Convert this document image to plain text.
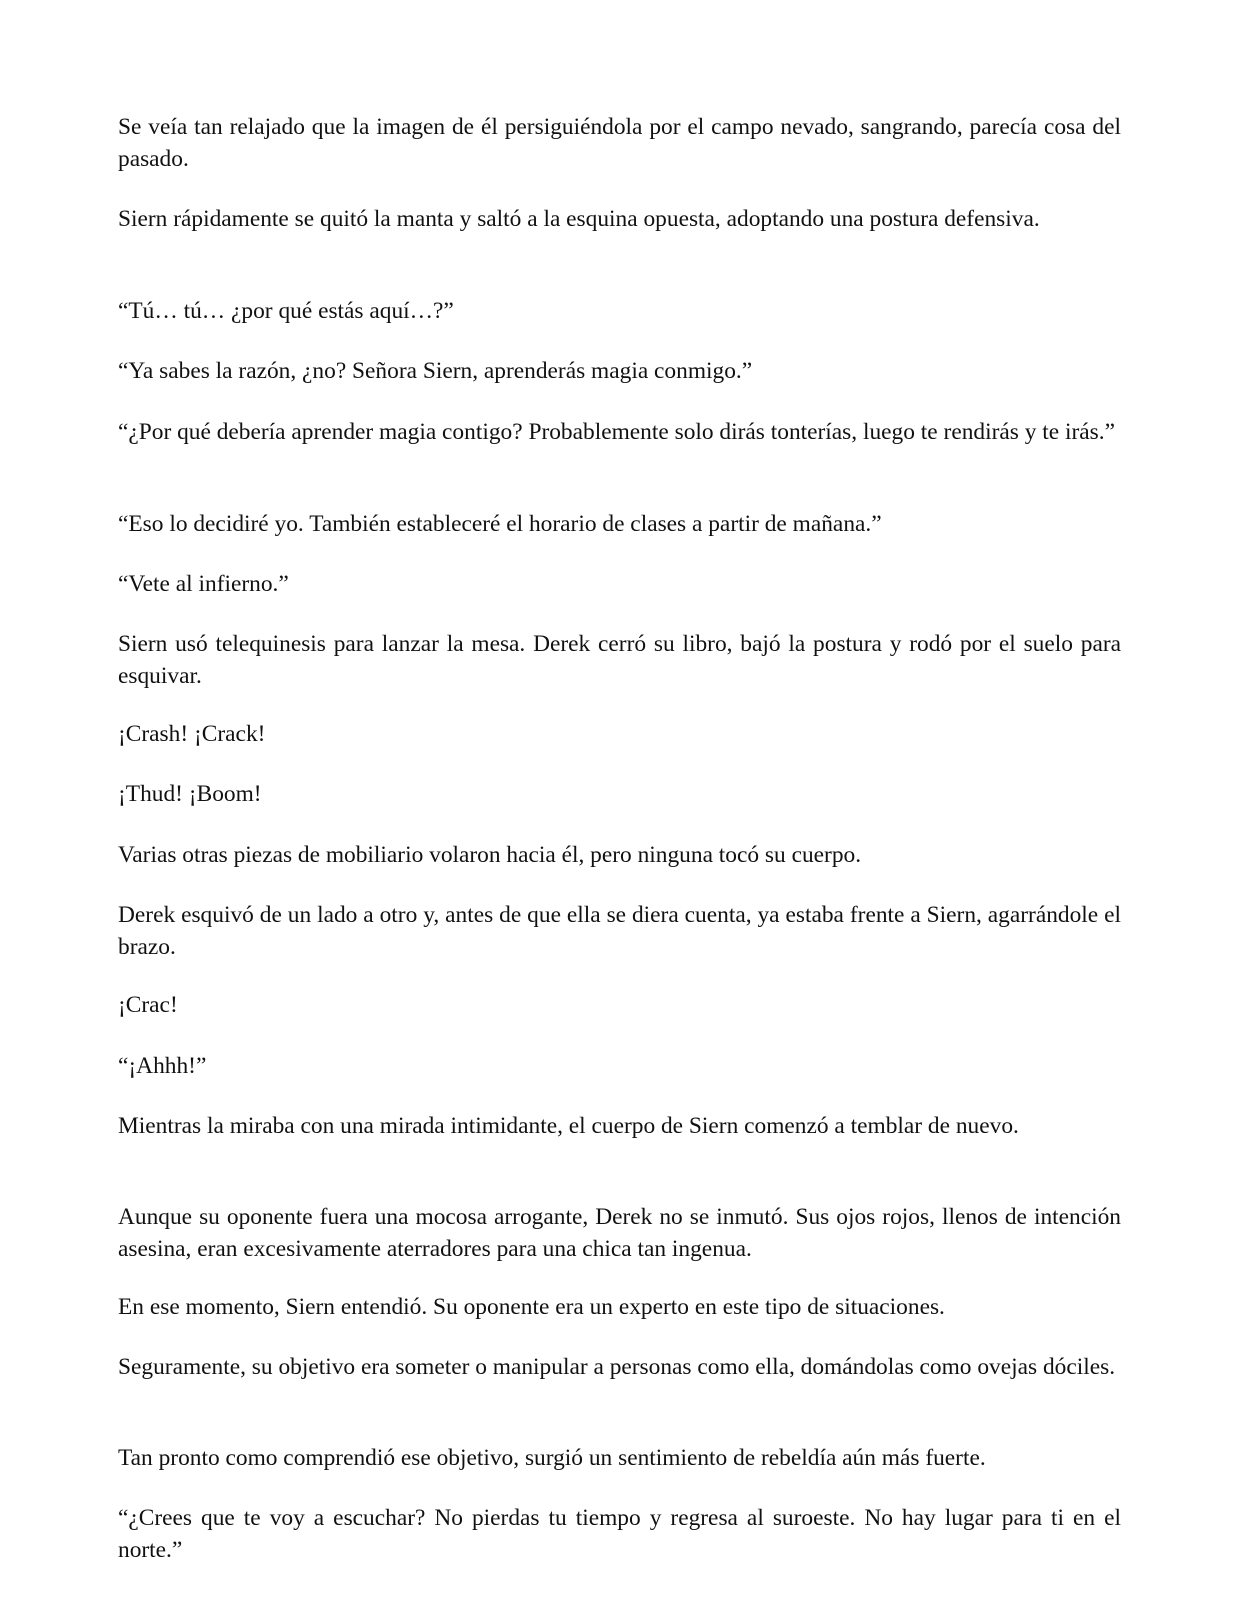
Se veía tan relajado que la imagen de él persiguiéndola por el campo nevado, sangrando, parecía cosa del pasado.

Siern rápidamente se quitó la manta y saltó a la esquina opuesta, adoptando una postura defensiva.

“Tú… tú… ¿por qué estás aquí…?”

“Ya sabes la razón, ¿no? Señora Siern, aprenderás magia conmigo.”

“¿Por qué debería aprender magia contigo? Probablemente solo dirás tonterías, luego te rendirás y te irás.”

“Eso lo decidiré yo. También estableceré el horario de clases a partir de mañana.”

“Vete al infierno.”

Siern usó telequinesis para lanzar la mesa. Derek cerró su libro, bajó la postura y rodó por el suelo para esquivar.

¡Crash! ¡Crack!

¡Thud! ¡Boom!

Varias otras piezas de mobiliario volaron hacia él, pero ninguna tocó su cuerpo.

Derek esquivó de un lado a otro y, antes de que ella se diera cuenta, ya estaba frente a Siern, agarrándole el brazo.

¡Crac!

“¡Ahhh!”

Mientras la miraba con una mirada intimidante, el cuerpo de Siern comenzó a temblar de nuevo.

Aunque su oponente fuera una mocosa arrogante, Derek no se inmutó. Sus ojos rojos, llenos de intención asesina, eran excesivamente aterradores para una chica tan ingenua.

En ese momento, Siern entendió. Su oponente era un experto en este tipo de situaciones.

Seguramente, su objetivo era someter o manipular a personas como ella, domándolas como ovejas dóciles.

Tan pronto como comprendió ese objetivo, surgió un sentimiento de rebeldía aún más fuerte.

“¿Crees que te voy a escuchar? No pierdas tu tiempo y regresa al suroeste. No hay lugar para ti en el norte.”
